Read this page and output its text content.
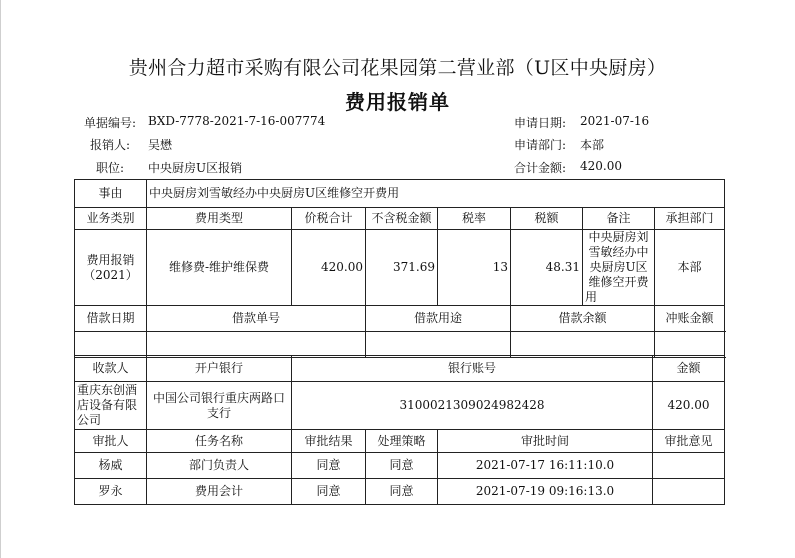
贵州合力超市采购有限公司花果园第二营业部（U区中央厨房）
费用报销单
单据编号: BXD-7778-2021-7-16-007774
报销人: 吴懋
职位: 中央厨房U区报销
申请日期: 2021-07-16
申请部门: 本部
合计金额: 420.00
事由	中央厨房刘雪敏经办中央厨房U区维修空开费用						
业务类别	费用类型	价税合计	不含税金额	税率	税额	备注	承担部门
费用报销（2021）	维修费-维护维保费	420.00	371.69	13	48.31	中央厨房刘雪敏经办中央厨房U区维修空开费用	本部
借款日期	借款单号		借款用途		借款余额		冲账金额

收款人	开户银行	银行账号			金额
重庆东创酒店设备有限公司	中国公司银行重庆两路口支行	3100021309024982428			420.00
审批人	任务名称	审批结果	处理策略	审批时间	审批意见
杨威	部门负责人	同意	同意	2021-07-17 16:11:10.0	
罗永	费用会计	同意	同意	2021-07-19 09:16:13.0	
